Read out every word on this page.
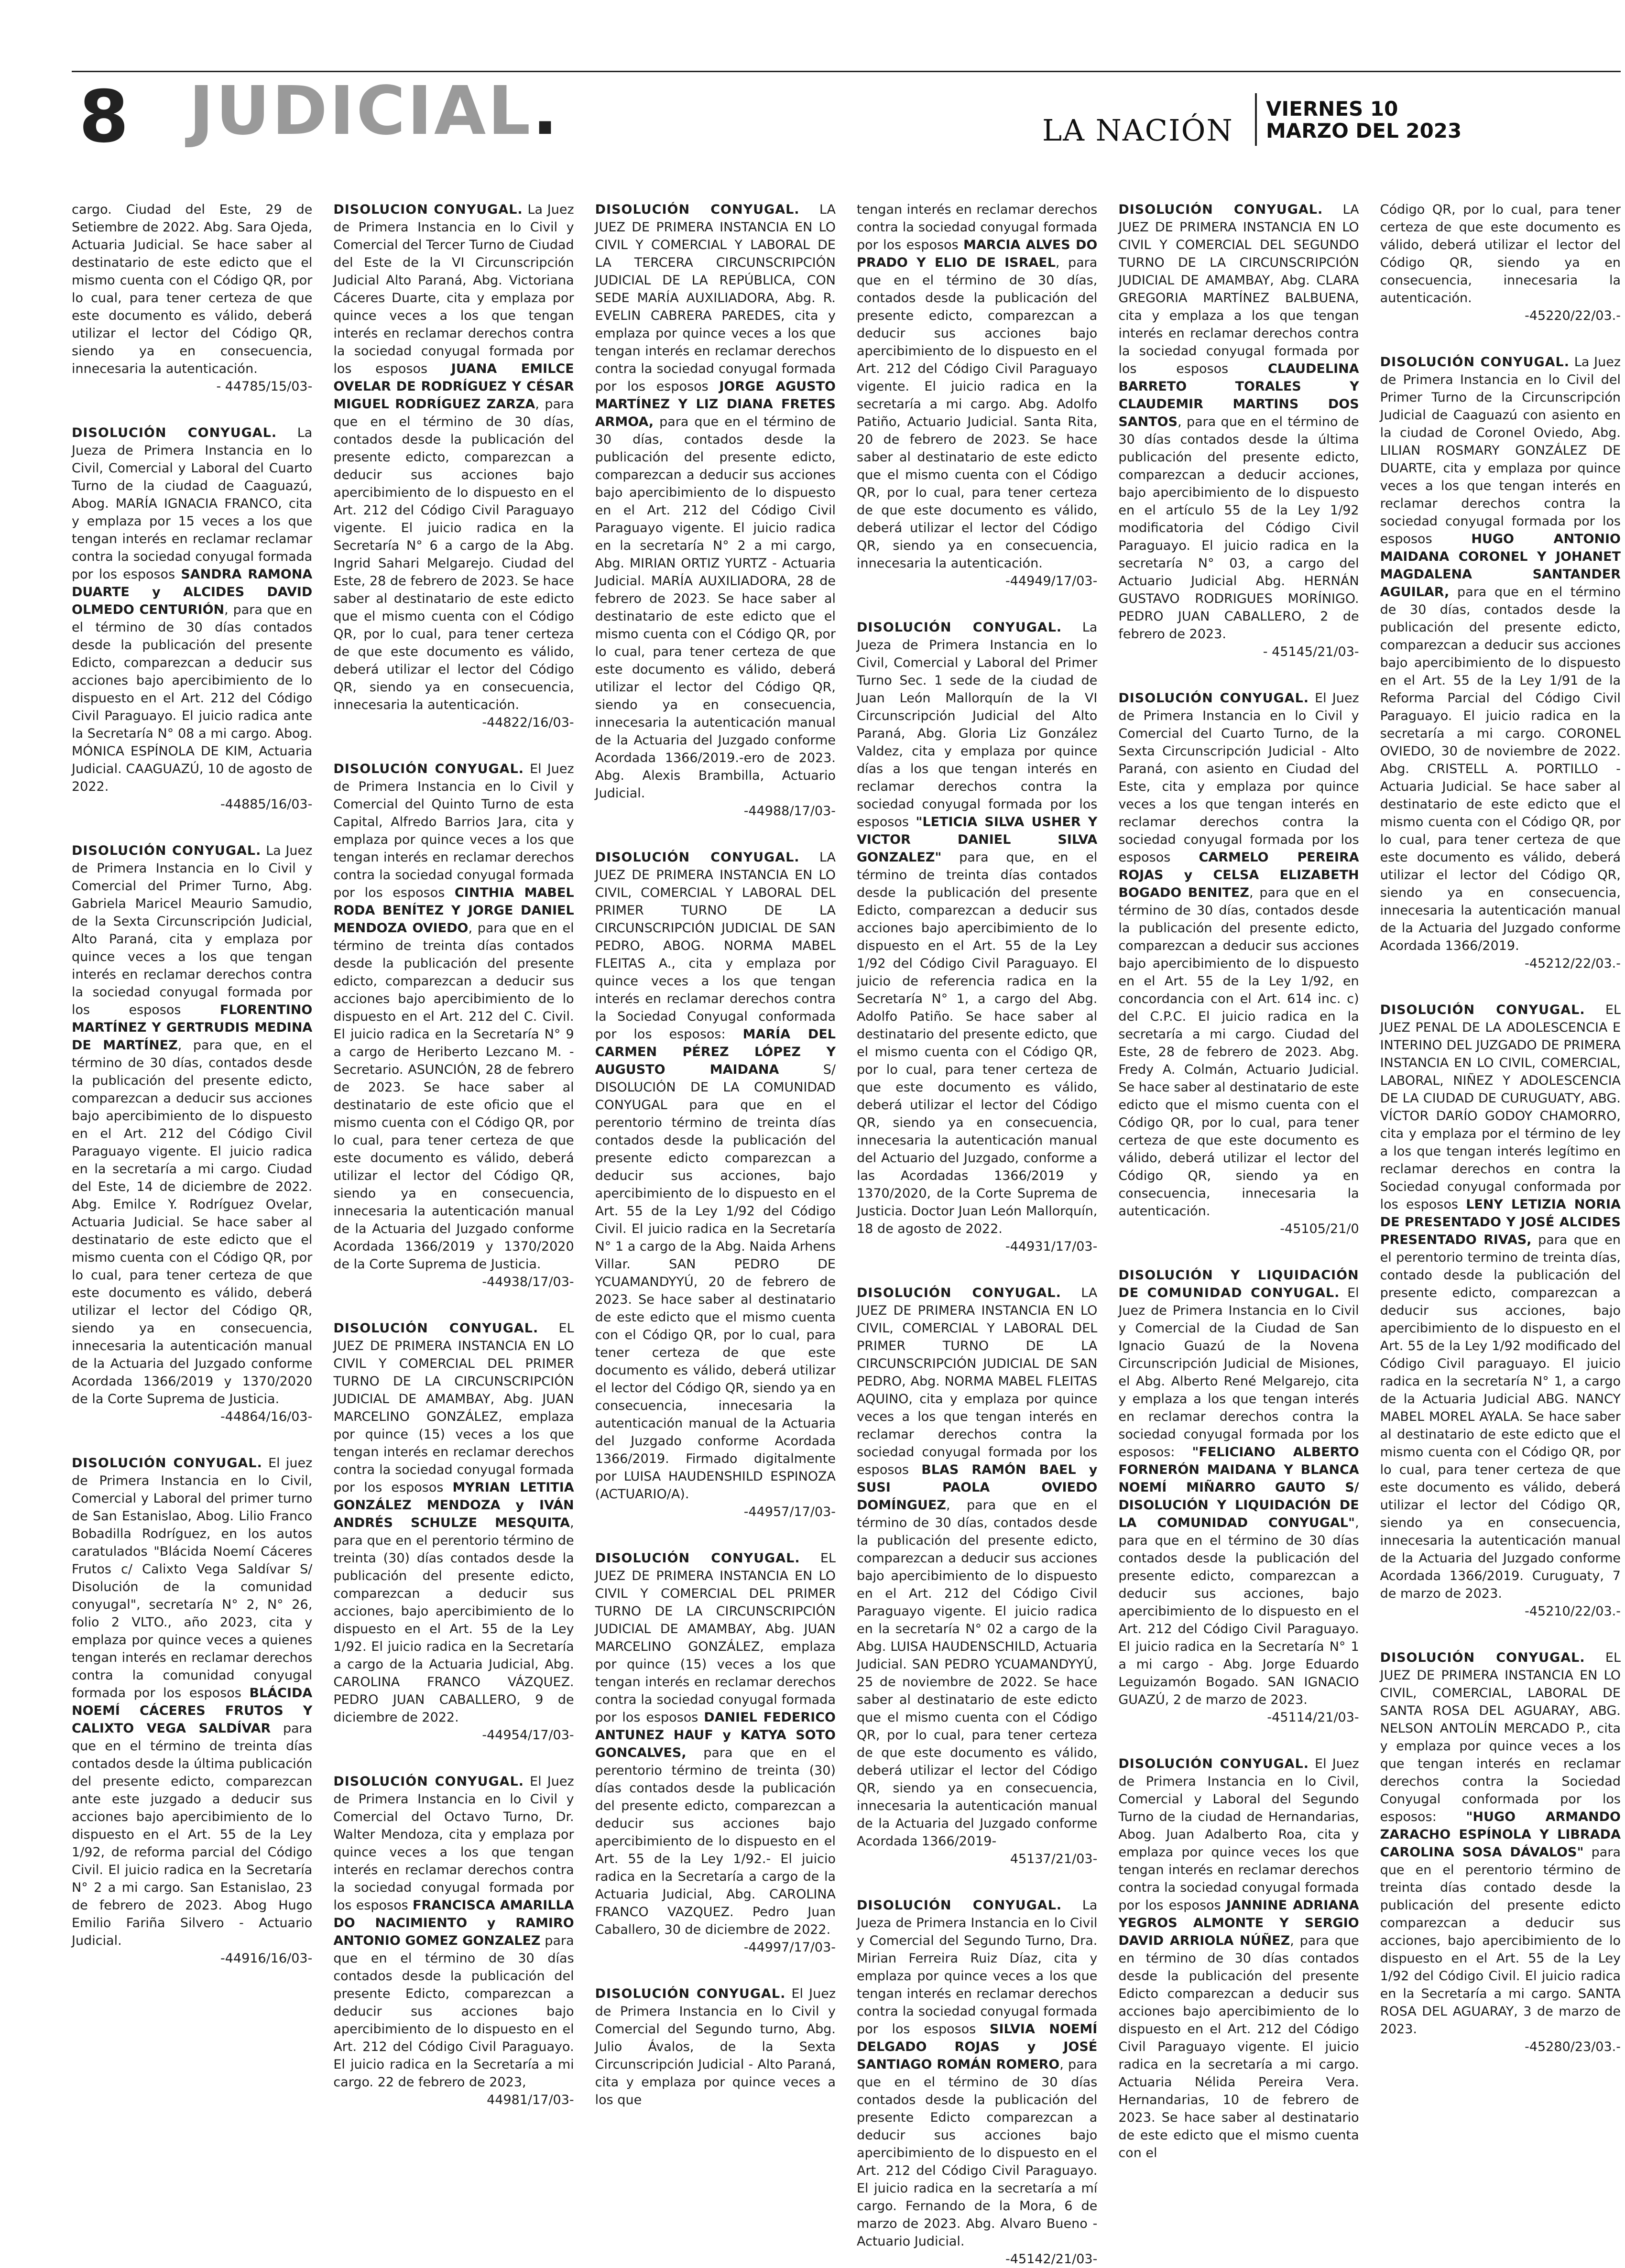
8 JUDICIAL.	LA NACIÓN
VIERNES 10
MARZO DEL 2023

cargo. Ciudad del Este, 29 de Setiembre de 2022. Abg. Sara Ojeda, Actuaria Judicial. Se hace saber al destinatario de este edicto que el mismo cuenta con el Código QR, por lo cual, para tener certeza de que este documento es válido, deberá utilizar el lector del Código QR, siendo ya en consecuencia, innecesaria la autenticación.
- 44785/15/03-

DISOLUCIÓN CONYUGAL. La Jueza de Primera Instancia en lo Civil, Comercial y Laboral del Cuarto Turno de la ciudad de Caaguazú, Abog. MARÍA IGNACIA FRANCO, cita y emplaza por 15 veces a los que tengan interés en reclamar reclamar contra la sociedad conyugal formada por los esposos SANDRA RAMONA DUARTE y ALCIDES DAVID OLMEDO CENTURIÓN, para que en el término de 30 días contados desde la publicación del presente Edicto, comparezcan a deducir sus acciones bajo apercibimiento de lo dispuesto en el Art. 212 del Código Civil Paraguayo. El juicio radica ante la Secretaría N° 08 a mi cargo. Abog. MÓNICA ESPÍNOLA DE KIM, Actuaria Judicial. CAAGUAZÚ, 10 de agosto de 2022.
-44885/16/03-

DISOLUCIÓN CONYUGAL. La Juez de Primera Instancia en lo Civil y Comercial del Primer Turno, Abg. Gabriela Maricel Meaurio Samudio, de la Sexta Circunscripción Judicial, Alto Paraná, cita y emplaza por quince veces a los que tengan interés en reclamar derechos contra la sociedad conyugal formada por los esposos FLORENTINO MARTÍNEZ Y GERTRUDIS MEDINA DE MARTÍNEZ, para que, en el término de 30 días, contados desde la publicación del presente edicto, comparezcan a deducir sus acciones bajo apercibimiento de lo dispuesto en el Art. 212 del Código Civil Paraguayo vigente. El juicio radica en la secretaría a mi cargo. Ciudad del Este, 14 de diciembre de 2022. Abg. Emilce Y. Rodríguez Ovelar, Actuaria Judicial. Se hace saber al destinatario de este edicto que el mismo cuenta con el Código QR, por lo cual, para tener certeza de que este documento es válido, deberá utilizar el lector del Código QR, siendo ya en consecuencia, innecesaria la autenticación manual de la Actuaria del Juzgado conforme Acordada 1366/2019 y 1370/2020 de la Corte Suprema de Justicia.
-44864/16/03-

DISOLUCIÓN CONYUGAL. El juez de Primera Instancia en lo Civil, Comercial y Laboral del primer turno de San Estanislao, Abog. Lilio Franco Bobadilla Rodríguez, en los autos caratulados "Blácida Noemí Cáceres Frutos c/ Calixto Vega Saldívar S/ Disolución de la comunidad conyugal", secretaría N° 2, N° 26, folio 2 VLTO., año 2023, cita y emplaza por quince veces a quienes tengan interés en reclamar derechos contra la comunidad conyugal formada por los esposos BLÁCIDA NOEMÍ CÁCERES FRUTOS Y CALIXTO VEGA SALDÍVAR para que en el término de treinta días contados desde la última publicación del presente edicto, comparezcan ante este juzgado a deducir sus acciones bajo apercibimiento de lo dispuesto en el Art. 55 de la Ley 1/92, de reforma parcial del Código Civil. El juicio radica en la Secretaría N° 2 a mi cargo. San Estanislao, 23 de febrero de 2023. Abog Hugo Emilio Fariña Silvero - Actuario Judicial.
-44916/16/03-

DISOLUCION CONYUGAL. La Juez de Primera Instancia en lo Civil y Comercial del Tercer Turno de Ciudad del Este de la VI Circunscripción Judicial Alto Paraná, Abg. Victoriana Cáceres Duarte, cita y emplaza por quince veces a los que tengan interés en reclamar derechos contra la sociedad conyugal formada por los esposos JUANA EMILCE OVELAR DE RODRÍGUEZ Y CÉSAR MIGUEL RODRÍGUEZ ZARZA, para que en el término de 30 días, contados desde la publicación del presente edicto, comparezcan a deducir sus acciones bajo apercibimiento de lo dispuesto en el Art. 212 del Código Civil Paraguayo vigente. El juicio radica en la Secretaría N° 6 a cargo de la Abg. Ingrid Sahari Melgarejo. Ciudad del Este, 28 de febrero de 2023. Se hace saber al destinatario de este edicto que el mismo cuenta con el Código QR, por lo cual, para tener certeza de que este documento es válido, deberá utilizar el lector del Código QR, siendo ya en consecuencia, innecesaria la autenticación.
-44822/16/03-

DISOLUCIÓN CONYUGAL. El Juez de Primera Instancia en lo Civil y Comercial del Quinto Turno de esta Capital, Alfredo Barrios Jara, cita y emplaza por quince veces a los que tengan interés en reclamar derechos contra la sociedad conyugal formada por los esposos CINTHIA MABEL RODA BENÍTEZ Y JORGE DANIEL MENDOZA OVIEDO, para que en el término de treinta días contados desde la publicación del presente edicto, comparezcan a deducir sus acciones bajo apercibimiento de lo dispuesto en el Art. 212 del C. Civil. El juicio radica en la Secretaría N° 9 a cargo de Heriberto Lezcano M. - Secretario. ASUNCIÓN, 28 de febrero de 2023. Se hace saber al destinatario de este oficio que el mismo cuenta con el Código QR, por lo cual, para tener certeza de que este documento es válido, deberá utilizar el lector del Código QR, siendo ya en consecuencia, innecesaria la autenticación manual de la Actuaria del Juzgado conforme Acordada 1366/2019 y 1370/2020 de la Corte Suprema de Justicia.
-44938/17/03-

DISOLUCIÓN CONYUGAL. EL JUEZ DE PRIMERA INSTANCIA EN LO CIVIL Y COMERCIAL DEL PRIMER TURNO DE LA CIRCUNSCRIPCIÓN JUDICIAL DE AMAMBAY, Abg. JUAN MARCELINO GONZÁLEZ, emplaza por quince (15) veces a los que tengan interés en reclamar derechos contra la sociedad conyugal formada por los esposos MYRIAN LETITIA GONZÁLEZ MENDOZA y IVÁN ANDRÉS SCHULZE MESQUITA, para que en el perentorio término de treinta (30) días contados desde la publicación del presente edicto, comparezcan a deducir sus acciones, bajo apercibimiento de lo dispuesto en el Art. 55 de la Ley 1/92. El juicio radica en la Secretaría a cargo de la Actuaria Judicial, Abg. CAROLINA FRANCO VÁZQUEZ. PEDRO JUAN CABALLERO, 9 de diciembre de 2022.
-44954/17/03-

DISOLUCIÓN CONYUGAL. El Juez de Primera Instancia en lo Civil y Comercial del Octavo Turno, Dr. Walter Mendoza, cita y emplaza por quince veces a los que tengan interés en reclamar derechos contra la sociedad conyugal formada por los esposos FRANCISCA AMARILLA DO NACIMIENTO y RAMIRO ANTONIO GOMEZ GONZALEZ para que en el término de 30 días contados desde la publicación del presente Edicto, comparezcan a deducir sus acciones bajo apercibimiento de lo dispuesto en el Art. 212 del Código Civil Paraguayo. El juicio radica en la Secretaría a mi cargo. 22 de febrero de 2023,
44981/17/03-

DISOLUCIÓN CONYUGAL. LA JUEZ DE PRIMERA INSTANCIA EN LO CIVIL Y COMERCIAL Y LABORAL DE LA TERCERA CIRCUNSCRIPCIÓN JUDICIAL DE LA REPÚBLICA, CON SEDE MARÍA AUXILIADORA, Abg. R. EVELIN CABRERA PAREDES, cita y emplaza por quince veces a los que tengan interés en reclamar derechos contra la sociedad conyugal formada por los esposos JORGE AGUSTO MARTÍNEZ Y LIZ DIANA FRETES ARMOA, para que en el término de 30 días, contados desde la publicación del presente edicto, comparezcan a deducir sus acciones bajo apercibimiento de lo dispuesto en el Art. 212 del Código Civil Paraguayo vigente. El juicio radica en la secretaría N° 2 a mi cargo, Abg. MIRIAN ORTIZ YURTZ - Actuaria Judicial. MARÍA AUXILIADORA, 28 de febrero de 2023. Se hace saber al destinatario de este edicto que el mismo cuenta con el Código QR, por lo cual, para tener certeza de que este documento es válido, deberá utilizar el lector del Código QR, siendo ya en consecuencia, innecesaria la autenticación manual de la Actuaria del Juzgado conforme Acordada 1366/2019.-ero de 2023. Abg. Alexis Brambilla, Actuario Judicial.
-44988/17/03-

DISOLUCIÓN CONYUGAL. LA JUEZ DE PRIMERA INSTANCIA EN LO CIVIL, COMERCIAL Y LABORAL DEL PRIMER TURNO DE LA CIRCUNSCRIPCIÓN JUDICIAL DE SAN PEDRO, ABOG. NORMA MABEL FLEITAS A., cita y emplaza por quince veces a los que tengan interés en reclamar derechos contra la Sociedad Conyugal conformada por los esposos: MARÍA DEL CARMEN PÉREZ LÓPEZ Y AUGUSTO MAIDANA S/ DISOLUCIÓN DE LA COMUNIDAD CONYUGAL para que en el perentorio término de treinta días contados desde la publicación del presente edicto comparezcan a deducir sus acciones, bajo apercibimiento de lo dispuesto en el Art. 55 de la Ley 1/92 del Código Civil. El juicio radica en la Secretaría N° 1 a cargo de la Abg. Naida Arhens Villar. SAN PEDRO DE YCUAMANDYYÚ, 20 de febrero de 2023. Se hace saber al destinatario de este edicto que el mismo cuenta con el Código QR, por lo cual, para tener certeza de que este documento es válido, deberá utilizar el lector del Código QR, siendo ya en consecuencia, innecesaria la autenticación manual de la Actuaria del Juzgado conforme Acordada 1366/2019. Firmado digitalmente por LUISA HAUDENSHILD ESPINOZA (ACTUARIO/A).
-44957/17/03-

DISOLUCIÓN CONYUGAL. EL JUEZ DE PRIMERA INSTANCIA EN LO CIVIL Y COMERCIAL DEL PRIMER TURNO DE LA CIRCUNSCRIPCIÓN JUDICIAL DE AMAMBAY, Abg. JUAN MARCELINO GONZÁLEZ, emplaza por quince (15) veces a los que tengan interés en reclamar derechos contra la sociedad conyugal formada por los esposos DANIEL FEDERICO ANTUNEZ HAUF y KATYA SOTO GONCALVES, para que en el perentorio término de treinta (30) días contados desde la publicación del presente edicto, comparezcan a deducir sus acciones bajo apercibimiento de lo dispuesto en el Art. 55 de la Ley 1/92.- El juicio radica en la Secretaría a cargo de la Actuaria Judicial, Abg. CAROLINA FRANCO VAZQUEZ. Pedro Juan Caballero, 30 de diciembre de 2022.
-44997/17/03-

DISOLUCIÓN CONYUGAL. El Juez de Primera Instancia en lo Civil y Comercial del Segundo turno, Abg. Julio Ávalos, de la Sexta Circunscripción Judicial - Alto Paraná, cita y emplaza por quince veces a los que

tengan interés en reclamar derechos contra la sociedad conyugal formada por los esposos MARCIA ALVES DO PRADO Y ELIO DE ISRAEL, para que en el término de 30 días, contados desde la publicación del presente edicto, comparezcan a deducir sus acciones bajo apercibimiento de lo dispuesto en el Art. 212 del Código Civil Paraguayo vigente. El juicio radica en la secretaría a mi cargo. Abg. Adolfo Patiño, Actuario Judicial. Santa Rita, 20 de febrero de 2023. Se hace saber al destinatario de este edicto que el mismo cuenta con el Código QR, por lo cual, para tener certeza de que este documento es válido, deberá utilizar el lector del Código QR, siendo ya en consecuencia, innecesaria la autenticación.
-44949/17/03-

DISOLUCIÓN CONYUGAL. La Jueza de Primera Instancia en lo Civil, Comercial y Laboral del Primer Turno Sec. 1 sede de la ciudad de Juan León Mallorquín de la VI Circunscripción Judicial del Alto Paraná, Abg. Gloria Liz González Valdez, cita y emplaza por quince días a los que tengan interés en reclamar derechos contra la sociedad conyugal formada por los esposos "LETICIA SILVA USHER Y VICTOR DANIEL SILVA GONZALEZ" para que, en el término de treinta días contados desde la publicación del presente Edicto, comparezcan a deducir sus acciones bajo apercibimiento de lo dispuesto en el Art. 55 de la Ley 1/92 del Código Civil Paraguayo. El juicio de referencia radica en la Secretaría N° 1, a cargo del Abg. Adolfo Patiño. Se hace saber al destinatario del presente edicto, que el mismo cuenta con el Código QR, por lo cual, para tener certeza de que este documento es válido, deberá utilizar el lector del Código QR, siendo ya en consecuencia, innecesaria la autenticación manual del Actuario del Juzgado, conforme a las Acordadas 1366/2019 y 1370/2020, de la Corte Suprema de Justicia. Doctor Juan León Mallorquín, 18 de agosto de 2022.
-44931/17/03-

DISOLUCIÓN CONYUGAL. LA JUEZ DE PRIMERA INSTANCIA EN LO CIVIL, COMERCIAL Y LABORAL DEL PRIMER TURNO DE LA CIRCUNSCRIPCIÓN JUDICIAL DE SAN PEDRO, Abg. NORMA MABEL FLEITAS AQUINO, cita y emplaza por quince veces a los que tengan interés en reclamar derechos contra la sociedad conyugal formada por los esposos BLAS RAMÓN BAEL y SUSI PAOLA OVIEDO DOMÍNGUEZ, para que en el término de 30 días, contados desde la publicación del presente edicto, comparezcan a deducir sus acciones bajo apercibimiento de lo dispuesto en el Art. 212 del Código Civil Paraguayo vigente. El juicio radica en la secretaría N° 02 a cargo de la Abg. LUISA HAUDENSCHILD, Actuaria Judicial. SAN PEDRO YCUAMANDYYÚ, 25 de noviembre de 2022. Se hace saber al destinatario de este edicto que el mismo cuenta con el Código QR, por lo cual, para tener certeza de que este documento es válido, deberá utilizar el lector del Código QR, siendo ya en consecuencia, innecesaria la autenticación manual de la Actuaria del Juzgado conforme Acordada 1366/2019-
45137/21/03-

DISOLUCIÓN CONYUGAL. La Jueza de Primera Instancia en lo Civil y Comercial del Segundo Turno, Dra. Mirian Ferreira Ruiz Díaz, cita y emplaza por quince veces a los que tengan interés en reclamar derechos contra la sociedad conyugal formada por los esposos SILVIA NOEMÍ DELGADO ROJAS y JOSÉ SANTIAGO ROMÁN ROMERO, para que en el término de 30 días contados desde la publicación del presente Edicto comparezcan a deducir sus acciones bajo apercibimiento de lo dispuesto en el Art. 212 del Código Civil Paraguayo. El juicio radica en la secretaría a mí cargo. Fernando de la Mora, 6 de marzo de 2023. Abg. Alvaro Bueno - Actuario Judicial.
-45142/21/03-

DISOLUCIÓN CONYUGAL. LA JUEZ DE PRIMERA INSTANCIA EN LO CIVIL Y COMERCIAL DEL SEGUNDO TURNO DE LA CIRCUNSCRIPCIÓN JUDICIAL DE AMAMBAY, Abg. CLARA GREGORIA MARTÍNEZ BALBUENA, cita y emplaza a los que tengan interés en reclamar derechos contra la sociedad conyugal formada por los esposos CLAUDELINA BARRETO TORALES Y CLAUDEMIR MARTINS DOS SANTOS, para que en el término de 30 días contados desde la última publicación del presente edicto, comparezcan a deducir acciones, bajo apercibimiento de lo dispuesto en el artículo 55 de la Ley 1/92 modificatoria del Código Civil Paraguayo. El juicio radica en la secretaría N° 03, a cargo del Actuario Judicial Abg. HERNÁN GUSTAVO RODRIGUES MORÍNIGO. PEDRO JUAN CABALLERO, 2 de febrero de 2023.
- 45145/21/03-

DISOLUCIÓN CONYUGAL. El Juez de Primera Instancia en lo Civil y Comercial del Cuarto Turno, de la Sexta Circunscripción Judicial - Alto Paraná, con asiento en Ciudad del Este, cita y emplaza por quince veces a los que tengan interés en reclamar derechos contra la sociedad conyugal formada por los esposos CARMELO PEREIRA ROJAS y CELSA ELIZABETH BOGADO BENITEZ, para que en el término de 30 días, contados desde la publicación del presente edicto, comparezcan a deducir sus acciones bajo apercibimiento de lo dispuesto en el Art. 55 de la Ley 1/92, en concordancia con el Art. 614 inc. c) del C.P.C. El juicio radica en la secretaría a mi cargo. Ciudad del Este, 28 de febrero de 2023. Abg. Fredy A. Colmán, Actuario Judicial. Se hace saber al destinatario de este edicto que el mismo cuenta con el Código QR, por lo cual, para tener certeza de que este documento es válido, deberá utilizar el lector del Código QR, siendo ya en consecuencia, innecesaria la autenticación.
-45105/21/0

DISOLUCIÓN Y LIQUIDACIÓN DE COMUNIDAD CONYUGAL. El Juez de Primera Instancia en lo Civil y Comercial de la Ciudad de San Ignacio Guazú de la Novena Circunscripción Judicial de Misiones, el Abg. Alberto René Melgarejo, cita y emplaza a los que tengan interés en reclamar derechos contra la sociedad conyugal formada por los esposos: "FELICIANO ALBERTO FORNERÓN MAIDANA Y BLANCA NOEMÍ MIÑARRO GAUTO S/ DISOLUCIÓN Y LIQUIDACIÓN DE LA COMUNIDAD CONYUGAL", para que en el término de 30 días contados desde la publicación del presente edicto, comparezcan a deducir sus acciones, bajo apercibimiento de lo dispuesto en el Art. 212 del Código Civil Paraguayo. El juicio radica en la Secretaría N° 1 a mi cargo - Abg. Jorge Eduardo Leguizamón Bogado. SAN IGNACIO GUAZÚ, 2 de marzo de 2023.
-45114/21/03-

DISOLUCIÓN CONYUGAL. El Juez de Primera Instancia en lo Civil, Comercial y Laboral del Segundo Turno de la ciudad de Hernandarias, Abog. Juan Adalberto Roa, cita y emplaza por quince veces los que tengan interés en reclamar derechos contra la sociedad conyugal formada por los esposos JANNINE ADRIANA YEGROS ALMONTE Y SERGIO DAVID ARRIOLA NÚÑEZ, para que en término de 30 días contados desde la publicación del presente Edicto comparezcan a deducir sus acciones bajo apercibimiento de lo dispuesto en el Art. 212 del Código Civil Paraguayo vigente. El juicio radica en la secretaría a mi cargo. Actuaria Nélida Pereira Vera. Hernandarias, 10 de febrero de 2023. Se hace saber al destinatario de este edicto que el mismo cuenta con el

Código QR, por lo cual, para tener certeza de que este documento es válido, deberá utilizar el lector del Código QR, siendo ya en consecuencia, innecesaria la autenticación.
-45220/22/03.-

DISOLUCIÓN CONYUGAL. La Juez de Primera Instancia en lo Civil del Primer Turno de la Circunscripción Judicial de Caaguazú con asiento en la ciudad de Coronel Oviedo, Abg. LILIAN ROSMARY GONZÁLEZ DE DUARTE, cita y emplaza por quince veces a los que tengan interés en reclamar derechos contra la sociedad conyugal formada por los esposos HUGO ANTONIO MAIDANA CORONEL Y JOHANET MAGDALENA SANTANDER AGUILAR, para que en el término de 30 días, contados desde la publicación del presente edicto, comparezcan a deducir sus acciones bajo apercibimiento de lo dispuesto en el Art. 55 de la Ley 1/91 de la Reforma Parcial del Código Civil Paraguayo. El juicio radica en la secretaría a mi cargo. CORONEL OVIEDO, 30 de noviembre de 2022. Abg. CRISTELL A. PORTILLO - Actuaria Judicial. Se hace saber al destinatario de este edicto que el mismo cuenta con el Código QR, por lo cual, para tener certeza de que este documento es válido, deberá utilizar el lector del Código QR, siendo ya en consecuencia, innecesaria la autenticación manual de la Actuaria del Juzgado conforme Acordada 1366/2019.
-45212/22/03.-

DISOLUCIÓN CONYUGAL. EL JUEZ PENAL DE LA ADOLESCENCIA E INTERINO DEL JUZGADO DE PRIMERA INSTANCIA EN LO CIVIL, COMERCIAL, LABORAL, NIÑEZ Y ADOLESCENCIA DE LA CIUDAD DE CURUGUATY, ABG. VÍCTOR DARÍO GODOY CHAMORRO, cita y emplaza por el término de ley a los que tengan interés legítimo en reclamar derechos en contra la Sociedad conyugal conformada por los esposos LENY LETIZIA NORIA DE PRESENTADO Y JOSÉ ALCIDES PRESENTADO RIVAS, para que en el perentorio termino de treinta días, contado desde la publicación del presente edicto, comparezcan a deducir sus acciones, bajo apercibimiento de lo dispuesto en el Art. 55 de la Ley 1/92 modificado del Código Civil paraguayo. El juicio radica en la secretaría N° 1, a cargo de la Actuaria Judicial ABG. NANCY MABEL MOREL AYALA. Se hace saber al destinatario de este edicto que el mismo cuenta con el Código QR, por lo cual, para tener certeza de que este documento es válido, deberá utilizar el lector del Código QR, siendo ya en consecuencia, innecesaria la autenticación manual de la Actuaria del Juzgado conforme Acordada 1366/2019. Curuguaty, 7 de marzo de 2023.
-45210/22/03.-

DISOLUCIÓN CONYUGAL. EL JUEZ DE PRIMERA INSTANCIA EN LO CIVIL, COMERCIAL, LABORAL DE SANTA ROSA DEL AGUARAY, ABG. NELSON ANTOLÍN MERCADO P., cita y emplaza por quince veces a los que tengan interés en reclamar derechos contra la Sociedad Conyugal conformada por los esposos: "HUGO ARMANDO ZARACHO ESPÍNOLA Y LIBRADA CAROLINA SOSA DÁVALOS" para que en el perentorio término de treinta días contado desde la publicación del presente edicto comparezcan a deducir sus acciones, bajo apercibimiento de lo dispuesto en el Art. 55 de la Ley 1/92 del Código Civil. El juicio radica en la Secretaría a mi cargo. SANTA ROSA DEL AGUARAY, 3 de marzo de 2023.
-45280/23/03.-
